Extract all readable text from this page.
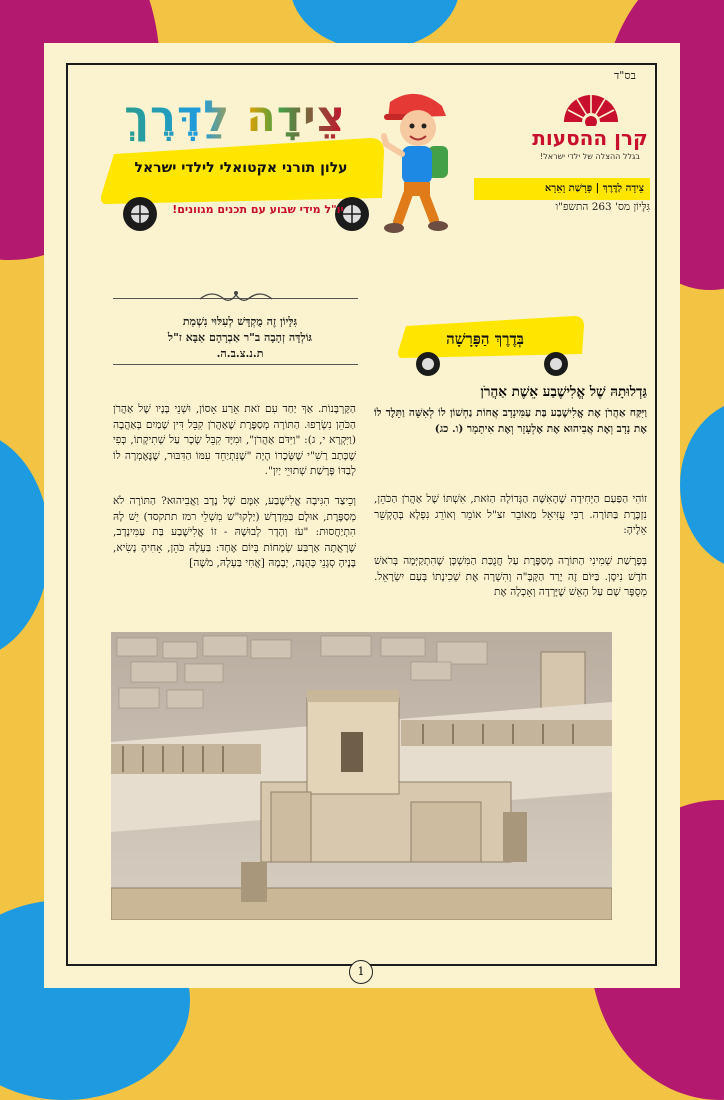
בס"ד
קרן ההסעות
בגלל ההצלה של ילדי ישראל!
צֵידָה לַדֶּרֶךְ | פָּרָשַׁת וָאֵרָא
גִּלָּיוֹן מס' 263 התשפ"ו
צֵידָה לַדֶּרֶךְ
עלון תורני אקטואלי לילדי ישראל
יו"ל מידי שבוע עם תכנים מגוונים!
גִּלָּיוֹן זֶה מֻקְדָּשׁ לְעִלּוּי נִשְׁמַת
גּוֹלְדָּה זְהָבָה ב"ר אַבְרָהָם אַבָּא ז"ל
ת.נ.צ.ב.ה.
בְּדֶרֶךְ הַפָּרָשָׁה
גַּדְלוּתָהּ שֶׁל אֱלִישֶׁבַע אֵשֶׁת אַהֲרֹן
וַיִּקַּח אַהֲרֹן אֶת אֱלִישֶׁבַע בַּת עַמִּינָדָב אֲחוֹת נַחְשׁוֹן לוֹ לְאִשָּׁה וַתֵּלֶד לוֹ אֶת נָדָב וְאֶת אֲבִיהוּא אֶת אֶלְעָזָר וְאֶת אִיתָמָר (ו. כג)
זוֹהִי הַפַּעַם הַיְּחִידָה שֶׁהָאִשָּׁה הַגְּדוֹלָה הַזֹּאת, אִשְׁתּוֹ שֶׁל אַהֲרֹן הַכֹּהֵן, נִזְכֶּרֶת בַּתּוֹרָה. רַבִּי עֻזִּיאֵל מַאוֹבֵר זצ"ל אוֹמֵר וְאוֹרֵג נִפְלָא בְּהֶקְשֵׁר אֵלֶיהָ:
בְּפָרָשַׁת שְׁמִינִי הַתּוֹרָה מְסַפֶּרֶת עַל חֲנֻכַּת הַמִּשְׁכָּן שֶׁהִתְקַיְּמָה בְּרֹאשׁ חֹדֶשׁ נִיסָן. בַּיּוֹם זֶה יָרַד הַקָּבָּ"ה וְהִשְׁרָה אֶת שְׁכִינָתוֹ בְּעַם יִשְׂרָאֵל. מְסֻפָּר שָׁם עַל הָאֵשׁ שֶׁיָּרְדָה וְאָכְלָה אֶת
הַקָּרְבָּנוֹת. אַךְ יַחַד עִם זֹאת אֵרַע אָסוֹן, וּשְׁנֵי בָּנָיו שֶׁל אַהֲרֹן הַכֹּהֵן נִשְׂרְפוּ. הַתּוֹרָה מְסַפֶּרֶת שֶׁאַהֲרֹן קִבֵּל דִּין שָׁמַיִם בְּאַהֲבָה (וַיִּקְרָא י, ג): "וַיִּדֹּם אַהֲרֹן", וּמִיָּד קִבֵּל שָׂכָר עַל שְׁתִיקָתוֹ, כְּפִי שֶׁכָּתַב רַשִׁ"י שֶׁשְּׂכָרוֹ הָיָה "שֶׁנִּתְיַחֵד עִמּוֹ הַדִּבּוּר, שֶׁנֶּאֶמְרָה לוֹ לְבַדּוֹ פָּרָשַׁת שְׁתוּיֵי יַיִן".
וְכֵיצַד הִגִּיבָה אֱלִישֶׁבַע, אִמָּם שֶׁל נָדָב וַאֲבִיהוּא? הַתּוֹרָה לֹא מְסַפֶּרֶת, אוּלָם בַּמִּדְרָשׁ (יַלְקוּ"ש מִשְׁלֵי רמז תתקסד) יֵשׁ לָהּ הִתְיַחֲסוּת: "עֹז וְהָדָר לְבוּשָׁהּ - זוֹ אֱלִישֶׁבַע בַּת עַמִּינָדָב, שֶׁרָאֲתָה אַרְבַּע שְׂמָחוֹת בְּיוֹם אֶחָד: בַּעְלָהּ כֹּהֵן, אָחִיהָ נָשִׂיא, בָּנֶיהָ סְגָנֵי כְּהֻנָּה, יְבָמָהּ [אֲחִי בַּעְלָהּ, מֹשֶׁה]
1
